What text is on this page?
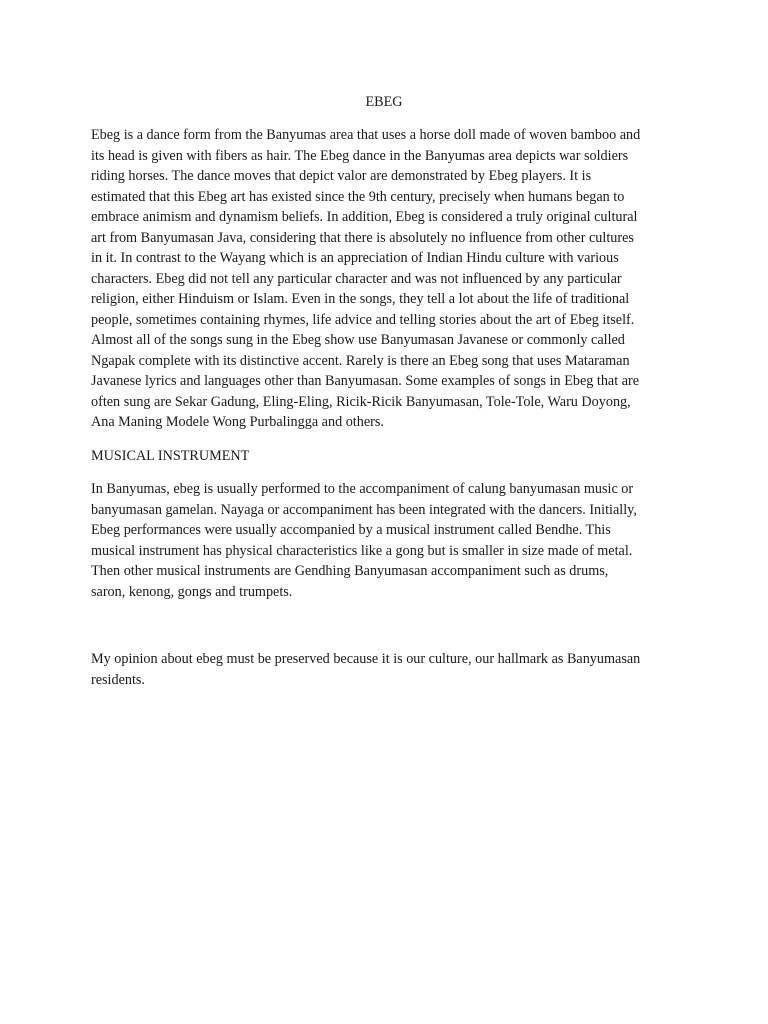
EBEG

Ebeg is a dance form from the Banyumas area that uses a horse doll made of woven bamboo and
its head is given with fibers as hair. The Ebeg dance in the Banyumas area depicts war soldiers
riding horses. The dance moves that depict valor are demonstrated by Ebeg players. It is
estimated that this Ebeg art has existed since the 9th century, precisely when humans began to
embrace animism and dynamism beliefs. In addition, Ebeg is considered a truly original cultural
art from Banyumasan Java, considering that there is absolutely no influence from other cultures
in it. In contrast to the Wayang which is an appreciation of Indian Hindu culture with various
characters. Ebeg did not tell any particular character and was not influenced by any particular
religion, either Hinduism or Islam. Even in the songs, they tell a lot about the life of traditional
people, sometimes containing rhymes, life advice and telling stories about the art of Ebeg itself.
Almost all of the songs sung in the Ebeg show use Banyumasan Javanese or commonly called
Ngapak complete with its distinctive accent. Rarely is there an Ebeg song that uses Mataraman
Javanese lyrics and languages other than Banyumasan. Some examples of songs in Ebeg that are
often sung are Sekar Gadung, Eling-Eling, Ricik-Ricik Banyumasan, Tole-Tole, Waru Doyong,
Ana Maning Modele Wong Purbalingga and others.

MUSICAL INSTRUMENT

In Banyumas, ebeg is usually performed to the accompaniment of calung banyumasan music or
banyumasan gamelan. Nayaga or accompaniment has been integrated with the dancers. Initially,
Ebeg performances were usually accompanied by a musical instrument called Bendhe. This
musical instrument has physical characteristics like a gong but is smaller in size made of metal.
Then other musical instruments are Gendhing Banyumasan accompaniment such as drums,
saron, kenong, gongs and trumpets.

My opinion about ebeg must be preserved because it is our culture, our hallmark as Banyumasan
residents.
